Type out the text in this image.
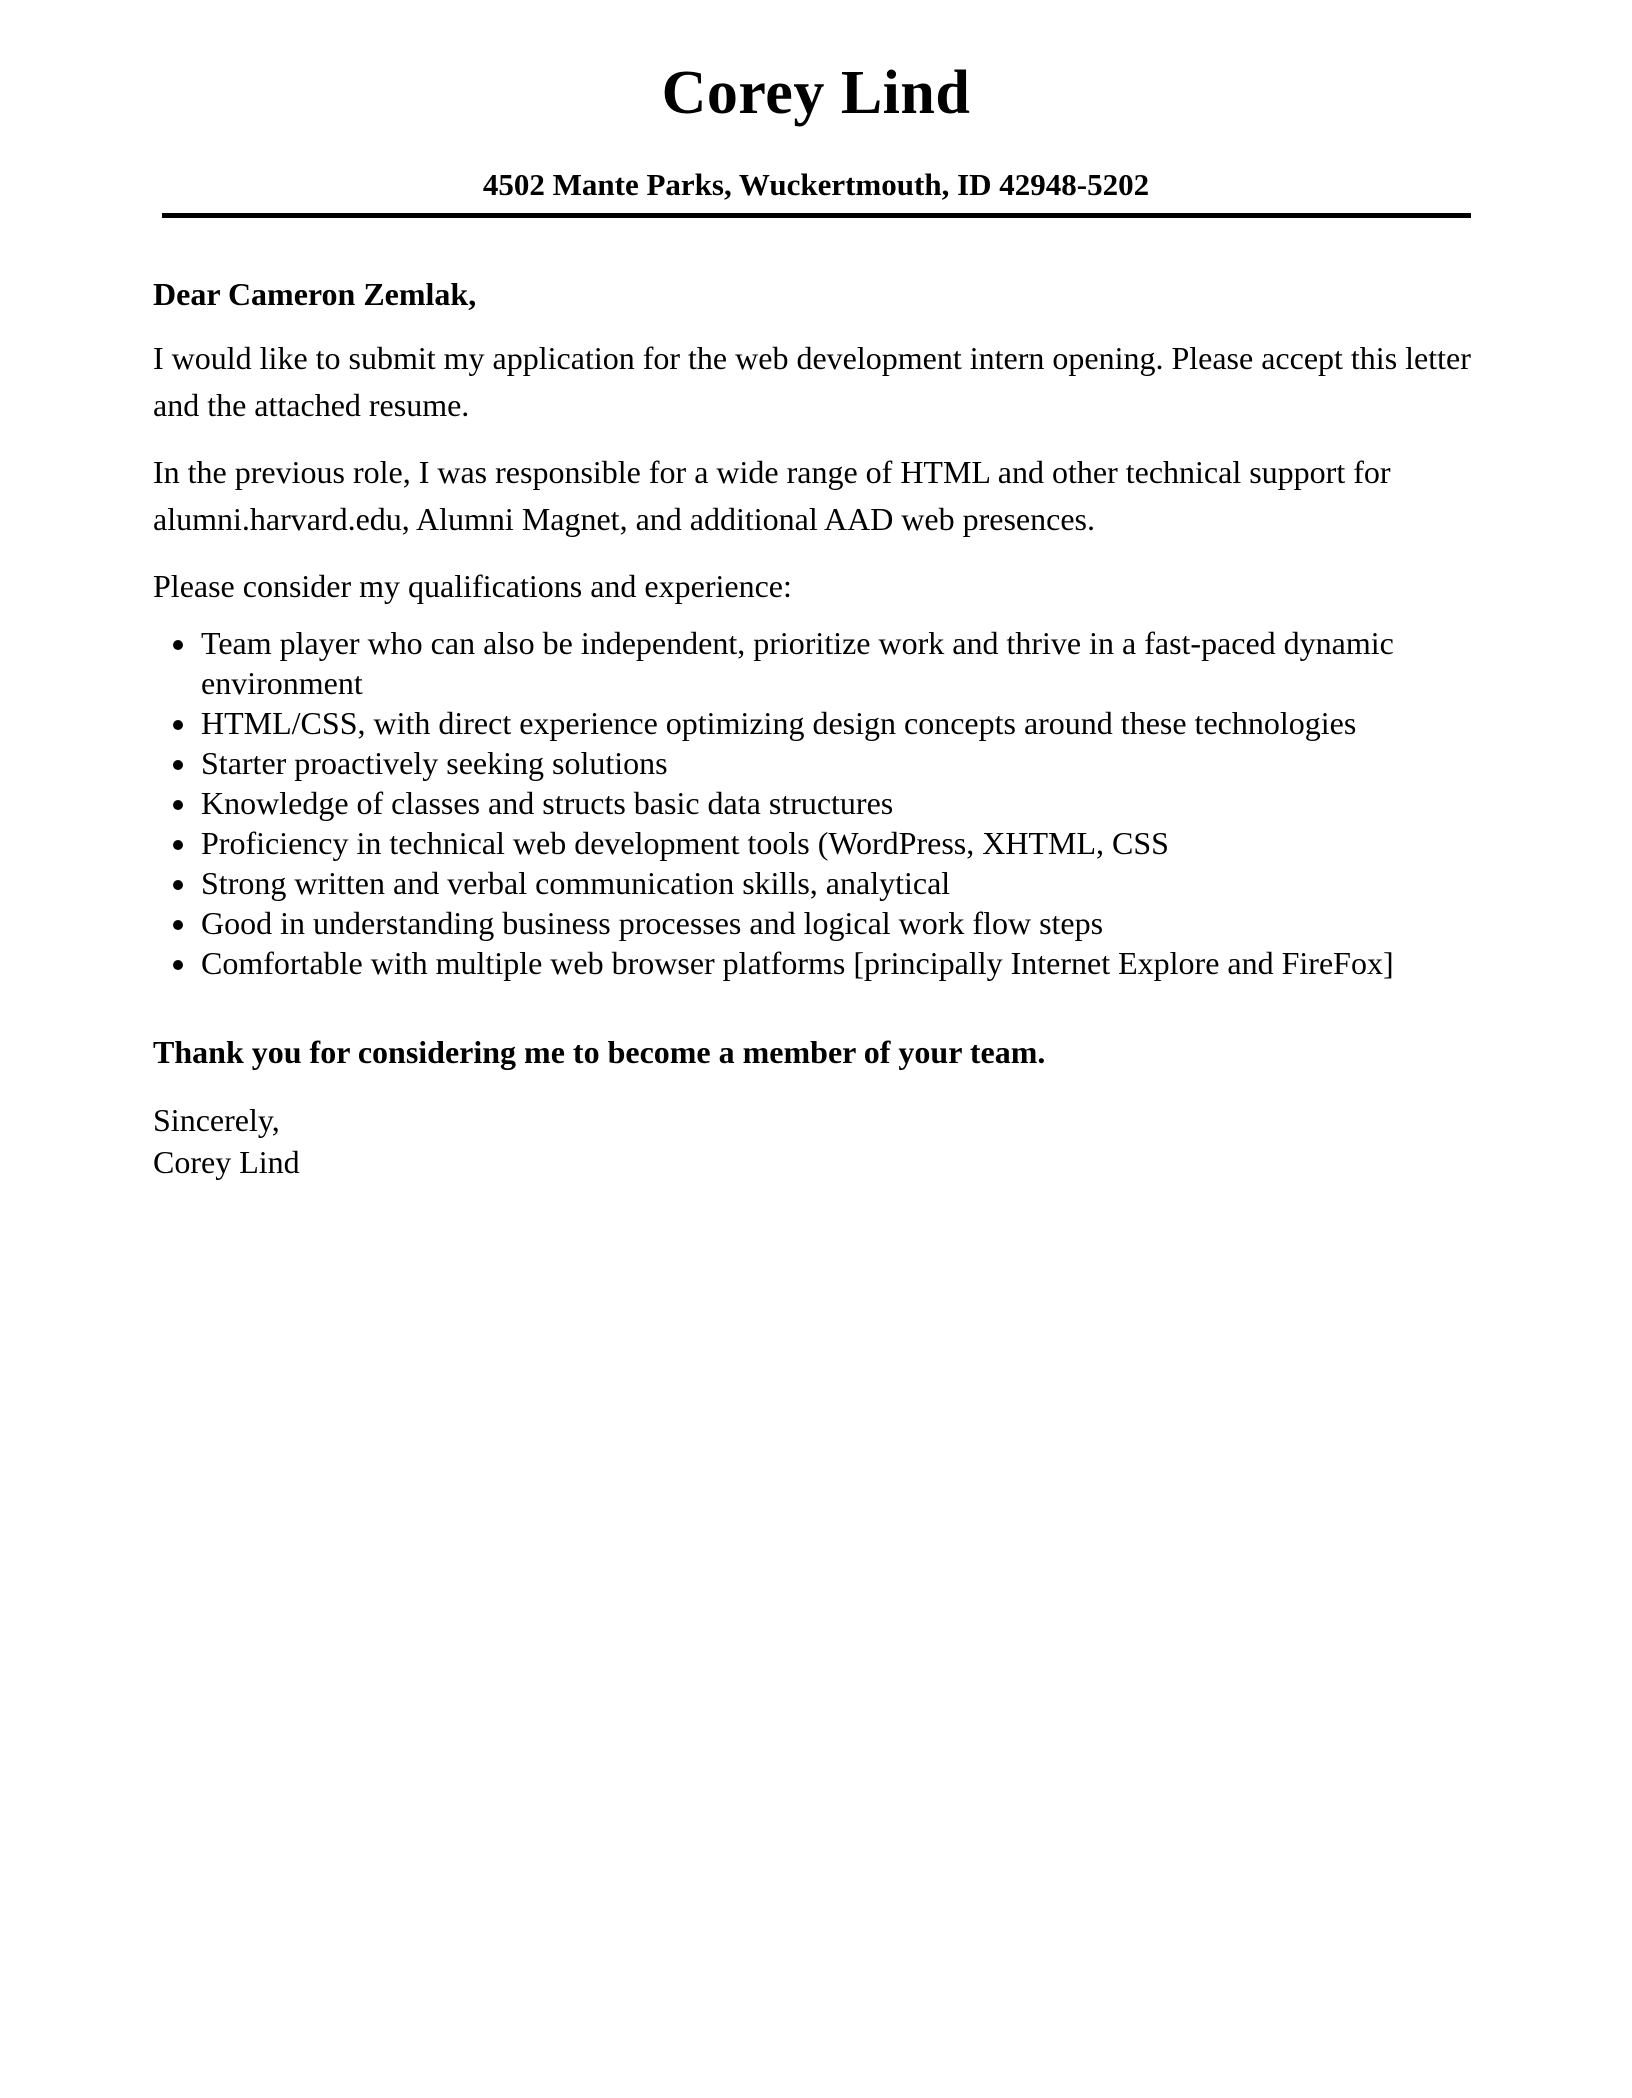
Corey Lind
4502 Mante Parks, Wuckertmouth, ID 42948-5202
Dear Cameron Zemlak,

I would like to submit my application for the web development intern opening. Please accept this letter and the attached resume.

In the previous role, I was responsible for a wide range of HTML and other technical support for alumni.harvard.edu, Alumni Magnet, and additional AAD web presences.

Please consider my qualifications and experience:

• Team player who can also be independent, prioritize work and thrive in a fast-paced dynamic environment
• HTML/CSS, with direct experience optimizing design concepts around these technologies
• Starter proactively seeking solutions
• Knowledge of classes and structs basic data structures
• Proficiency in technical web development tools (WordPress, XHTML, CSS
• Strong written and verbal communication skills, analytical
• Good in understanding business processes and logical work flow steps
• Comfortable with multiple web browser platforms [principally Internet Explore and FireFox]
Thank you for considering me to become a member of your team.
Sincerely,
Corey Lind
